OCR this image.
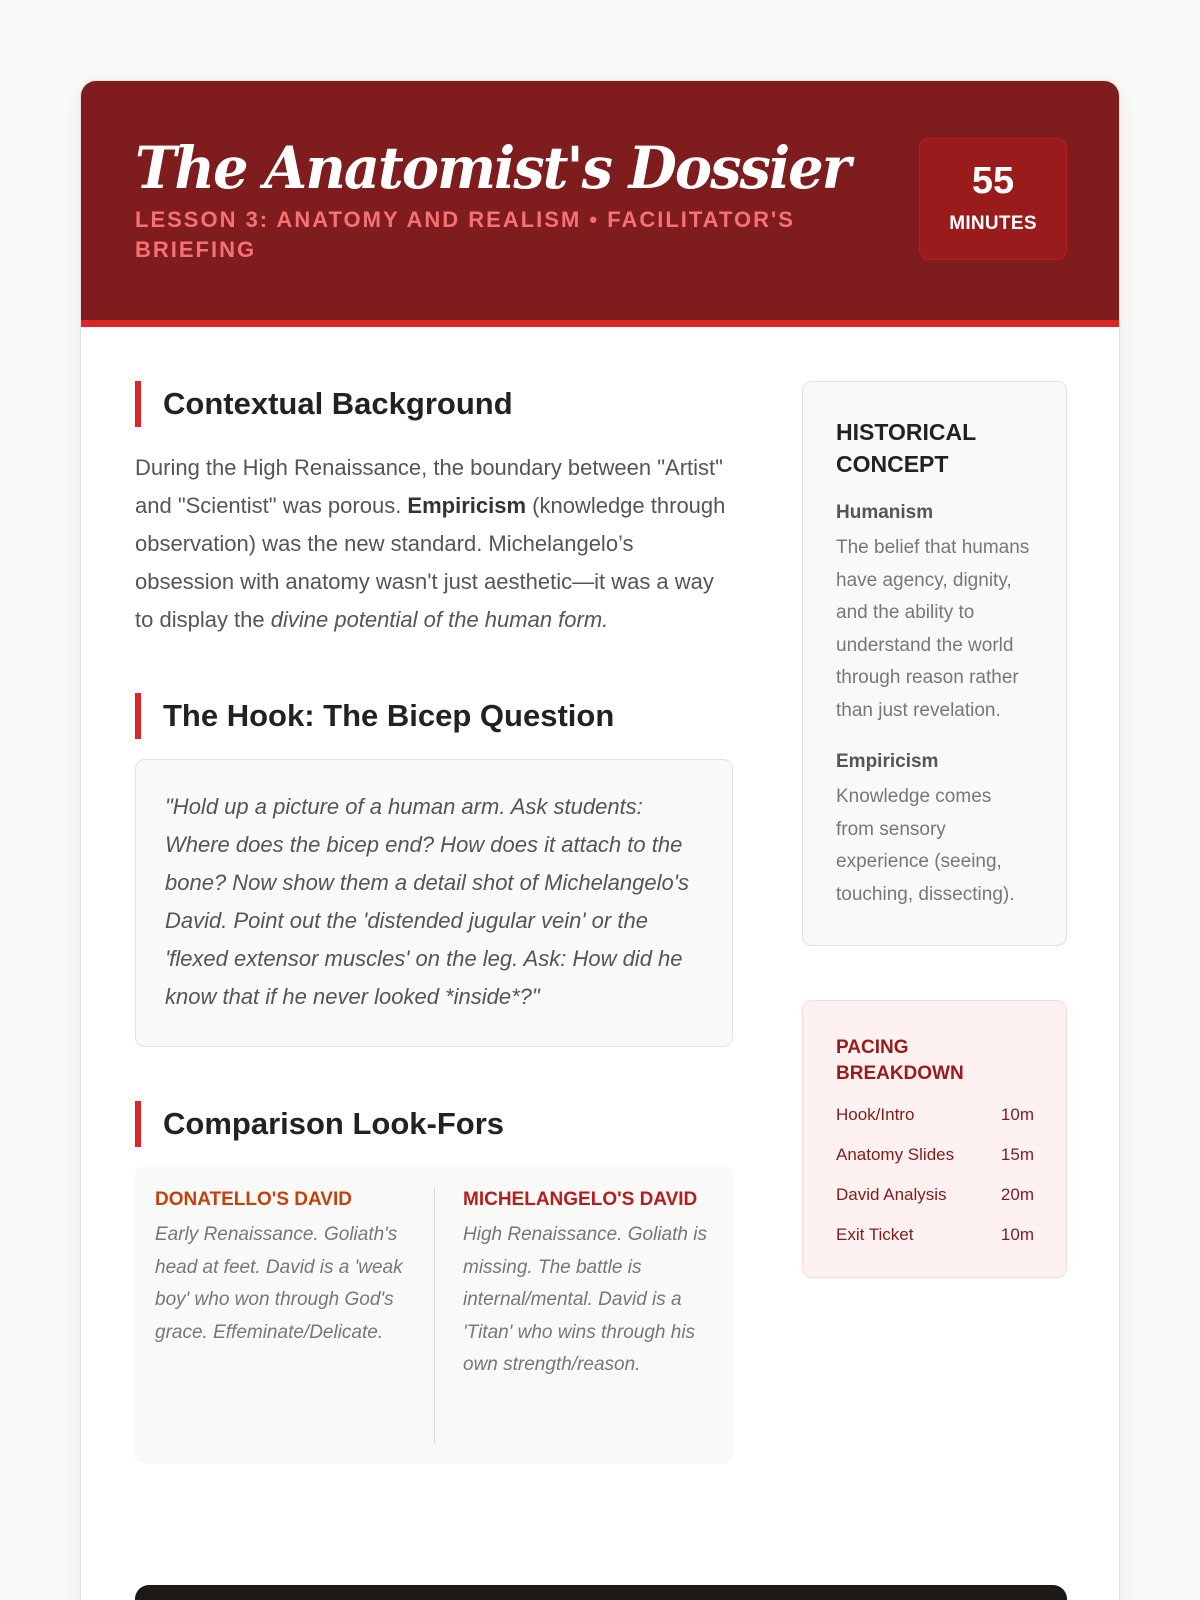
The Anatomist's Dossier
LESSON 3: ANATOMY AND REALISM • FACILITATOR'S BRIEFING
55
MINUTES
Contextual Background

During the High Renaissance, the boundary between "Artist" and "Scientist" was porous. Empiricism (knowledge through observation) was the new standard. Michelangelo’s obsession with anatomy wasn't just aesthetic—it was a way to display the divine potential of the human form.

The Hook: The Bicep Question
"Hold up a picture of a human arm. Ask students: Where does the bicep end? How does it attach to the bone? Now show them a detail shot of Michelangelo's David. Point out the 'distended jugular vein' or the 'flexed extensor muscles' on the leg. Ask: How did he know that if he never looked *inside*?"
Comparison Look-Fors
DONATELLO'S DAVID
Early Renaissance. Goliath's head at feet. David is a 'weak boy' who won through God's grace. Effeminate/Delicate.
MICHELANGELO'S DAVID
High Renaissance. Goliath is missing. The battle is internal/mental. David is a 'Titan' who wins through his own strength/reason.
HISTORICAL CONCEPT
Humanism
The belief that humans have agency, dignity, and the ability to understand the world through reason rather than just revelation.
Empiricism
Knowledge comes from sensory experience (seeing, touching, dissecting).
PACING BREAKDOWN
Hook/Intro	10m
Anatomy Slides	15m
David Analysis	20m
Exit Ticket	10m
